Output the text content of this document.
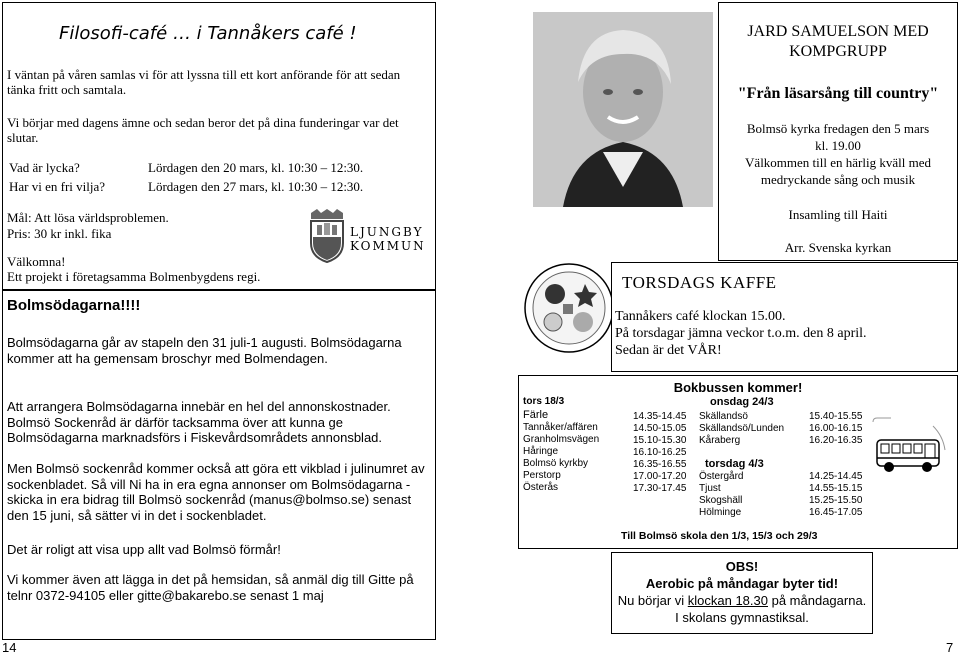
Filosofi-café … i Tannåkers café !

I väntan på våren samlas vi för att lyssna till ett kort anförande för att sedan tänka fritt och samtala.

Vi börjar med dagens ämne och sedan beror det på dina funderingar var det slutar.

Vad är lycka?	Lördagen den 20 mars, kl. 10:30 – 12:30.
Har vi en fri vilja?	Lördagen den 27 mars, kl. 10:30 – 12:30.
Mål: Att lösa världsproblemen.
Pris: 30 kr inkl. fika
Välkomna!
Ett projekt i företagsamma Bolmenbygdens regi.
LJUNGBY
KOMMUN
Bolmsödagarna!!!!

Bolmsödagarna går av stapeln den 31 juli-1 augusti. Bolmsödagarna kommer att ha gemensam broschyr med Bolmendagen.

Att arrangera Bolmsödagarna innebär en hel del annonskostnader. Bolmsö Sockenråd är därför tacksamma över att kunna ge Bolmsödagarna marknadsförs i Fiskevårdsområdets annonsblad.

Men Bolmsö sockenråd kommer också att göra ett vikblad i julinumret av sockenbladet. Så vill Ni ha in era egna annonser om Bolmsödagarna - skicka in era bidrag till Bolmsö sockenråd (manus@bolmso.se) senast den 15 juni, så sätter vi in det i sockenbladet.

Det är roligt att visa upp allt vad Bolmsö förmår!

Vi kommer även att lägga in det på hemsidan, så anmäl dig till Gitte på telnr 0372-94105 eller gitte@bakarebo.se senast 1 maj

14
JARD SAMUELSON MED
KOMPGRUPP
"Från läsarsång till country"
Bolmsö kyrka fredagen den 5 mars
kl. 19.00
Välkommen till en härlig kväll med
medryckande sång och musik
Insamling till Haiti
Arr. Svenska kyrkan
TORSDAGS KAFFE
Tannåkers café klockan 15.00.
På torsdagar jämna veckor t.o.m. den 8 april.
Sedan är det VÅR!
Bokbussen kommer!
tors 18/3
Färle
Tannåker/affären
Granholmsvägen
Håringe
Bolmsö kyrkby
Perstorp
Österås
14.35-14.45
14.50-15.05
15.10-15.30
16.10-16.25
16.35-16.55
17.00-17.20
17.30-17.45
onsdag 24/3
Skällandsö
Skällandsö/Lunden
Kåraberg
15.40-15.55
16.00-16.15
16.20-16.35
torsdag 4/3
Östergård
Tjust
Skogshäll
Hölminge
14.25-14.45
14.55-15.15
15.25-15.50
16.45-17.05
Till Bolmsö skola den 1/3, 15/3 och 29/3
OBS!
Aerobic på måndagar byter tid!
Nu börjar vi klockan 18.30 på måndagarna.
I skolans gymnastiksal.
7
